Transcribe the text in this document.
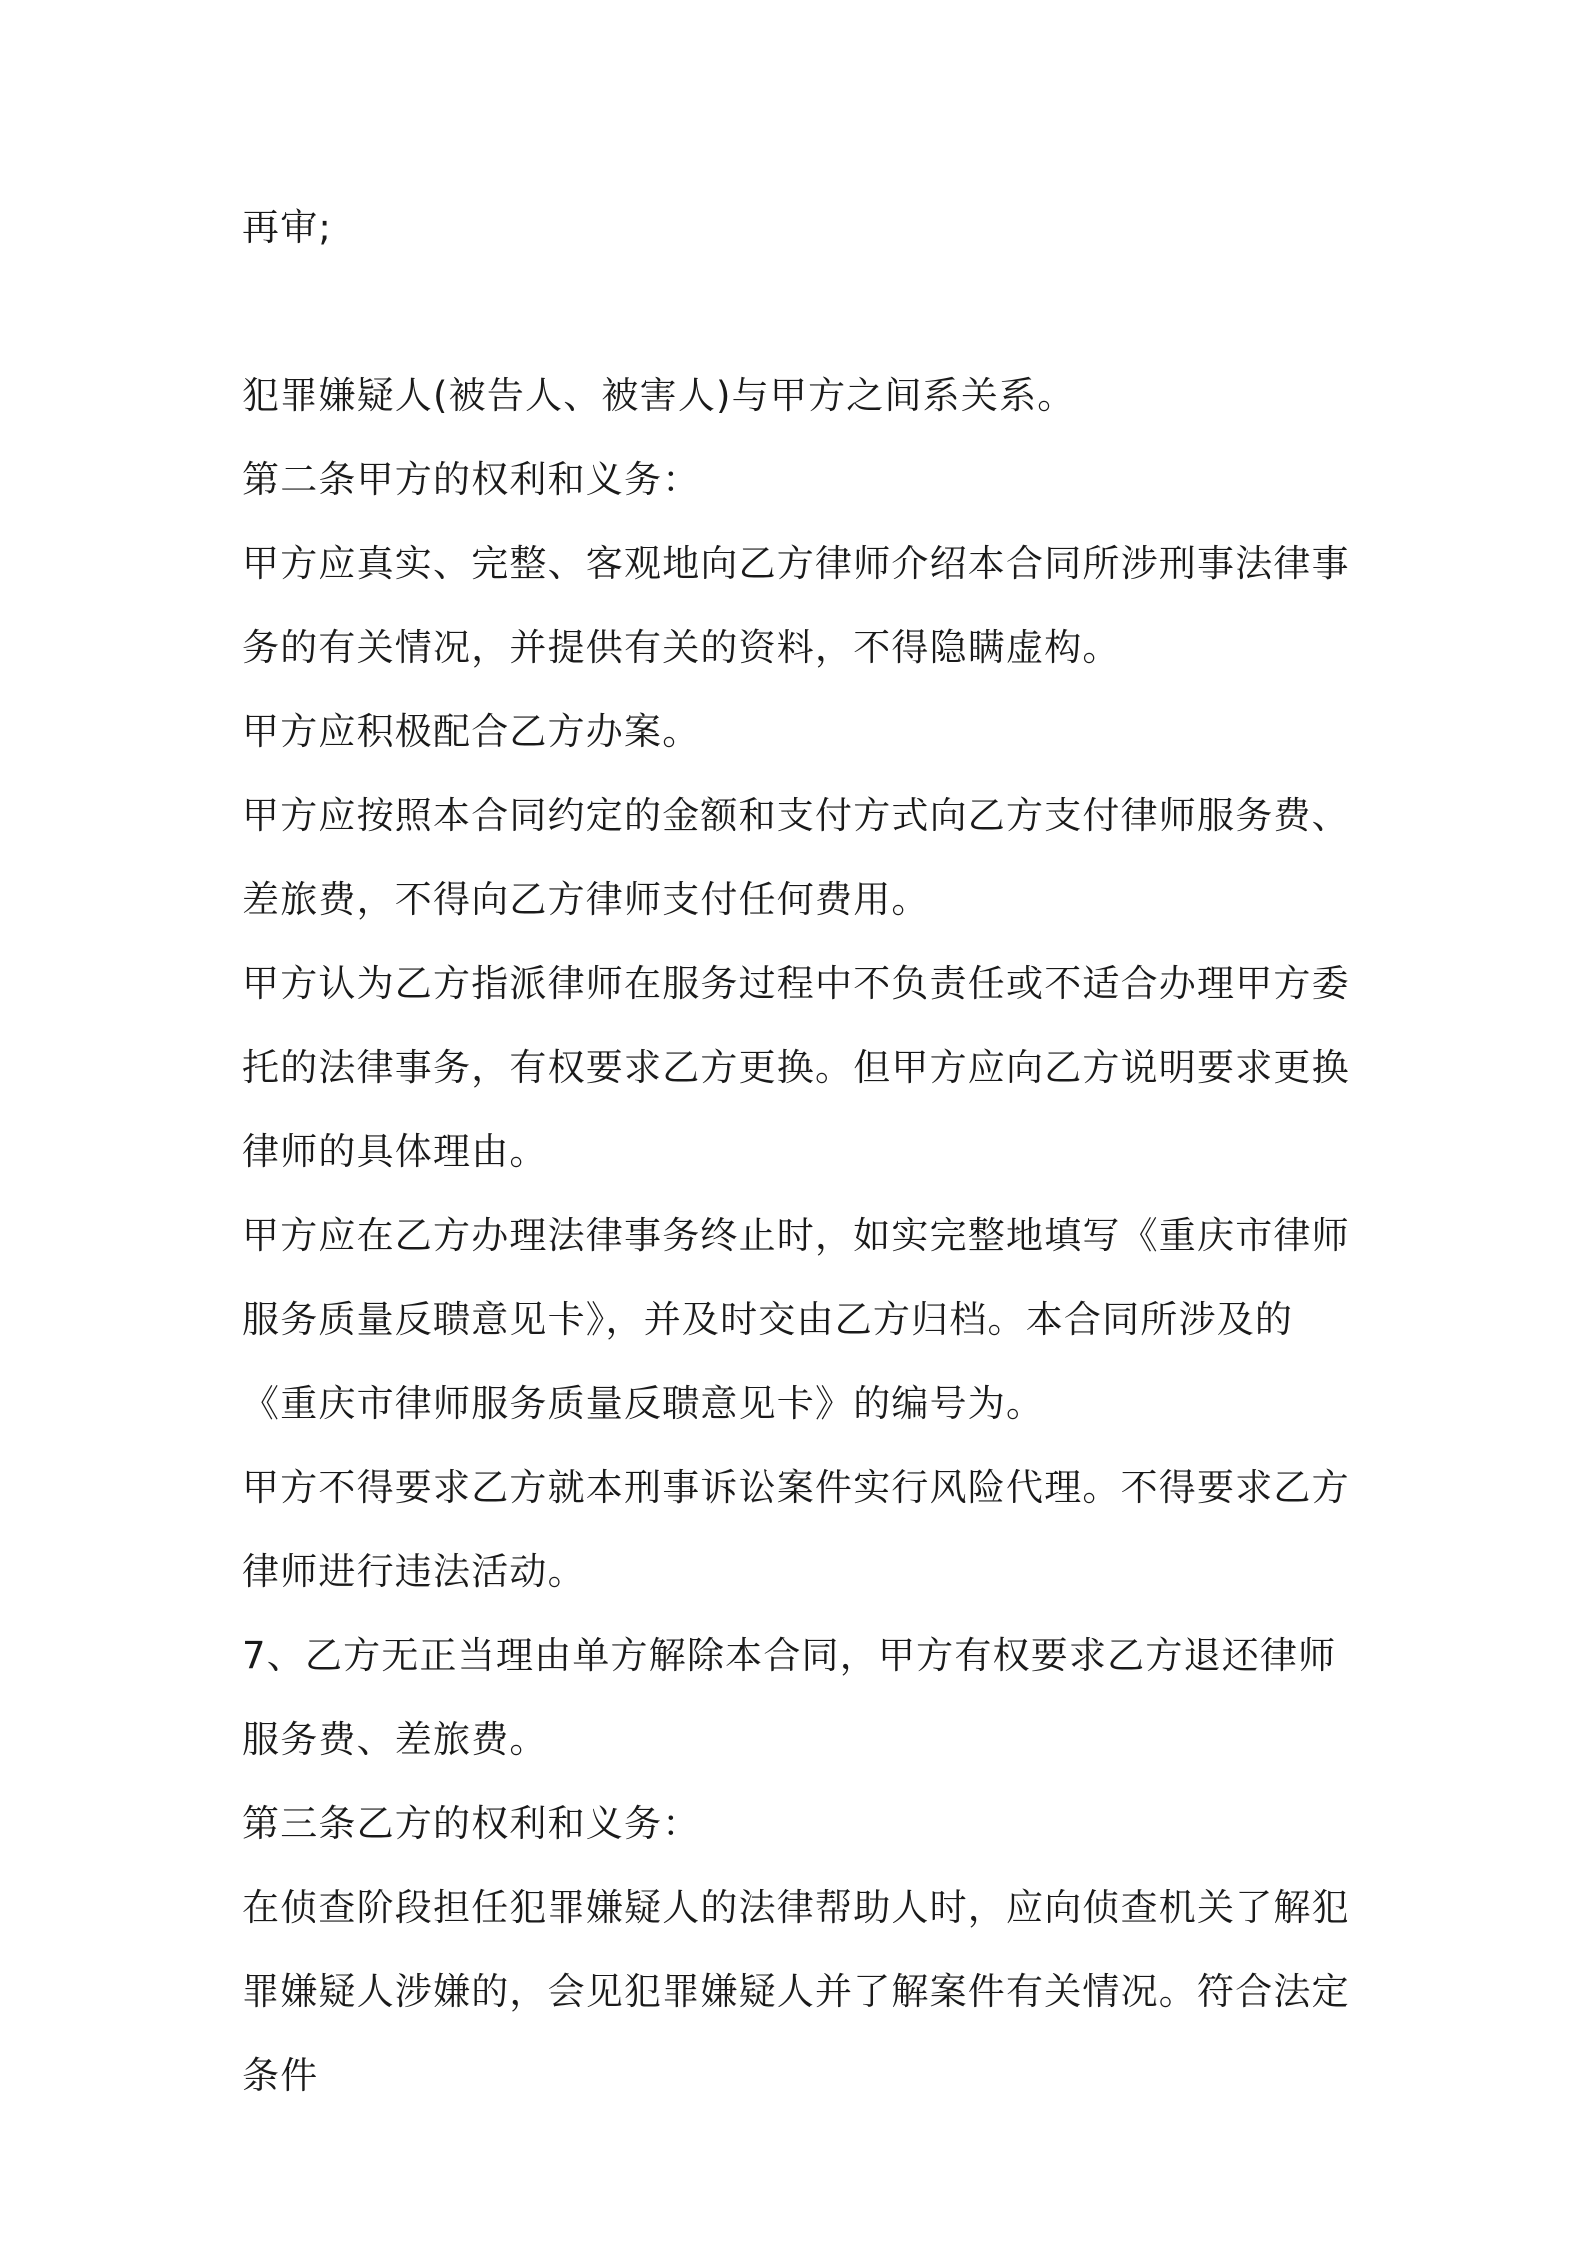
再审;

犯罪嫌疑人(被告人、被害人)与甲方之间系关系。

第二条甲方的权利和义务：

甲方应真实、完整、客观地向乙方律师介绍本合同所涉刑事法律事务的有关情况，并提供有关的资料，不得隐瞒虚构。

甲方应积极配合乙方办案。

甲方应按照本合同约定的金额和支付方式向乙方支付律师服务费、差旅费，不得向乙方律师支付任何费用。

甲方认为乙方指派律师在服务过程中不负责任或不适合办理甲方委托的法律事务，有权要求乙方更换。但甲方应向乙方说明要求更换律师的具体理由。

甲方应在乙方办理法律事务终止时，如实完整地填写《重庆市律师服务质量反聩意见卡》，并及时交由乙方归档。本合同所涉及的《重庆市律师服务质量反聩意见卡》的编号为。

甲方不得要求乙方就本刑事诉讼案件实行风险代理。不得要求乙方律师进行违法活动。

7、乙方无正当理由单方解除本合同，甲方有权要求乙方退还律师服务费、差旅费。

第三条乙方的权利和义务：

在侦查阶段担任犯罪嫌疑人的法律帮助人时，应向侦查机关了解犯罪嫌疑人涉嫌的，会见犯罪嫌疑人并了解案件有关情况。符合法定条件
